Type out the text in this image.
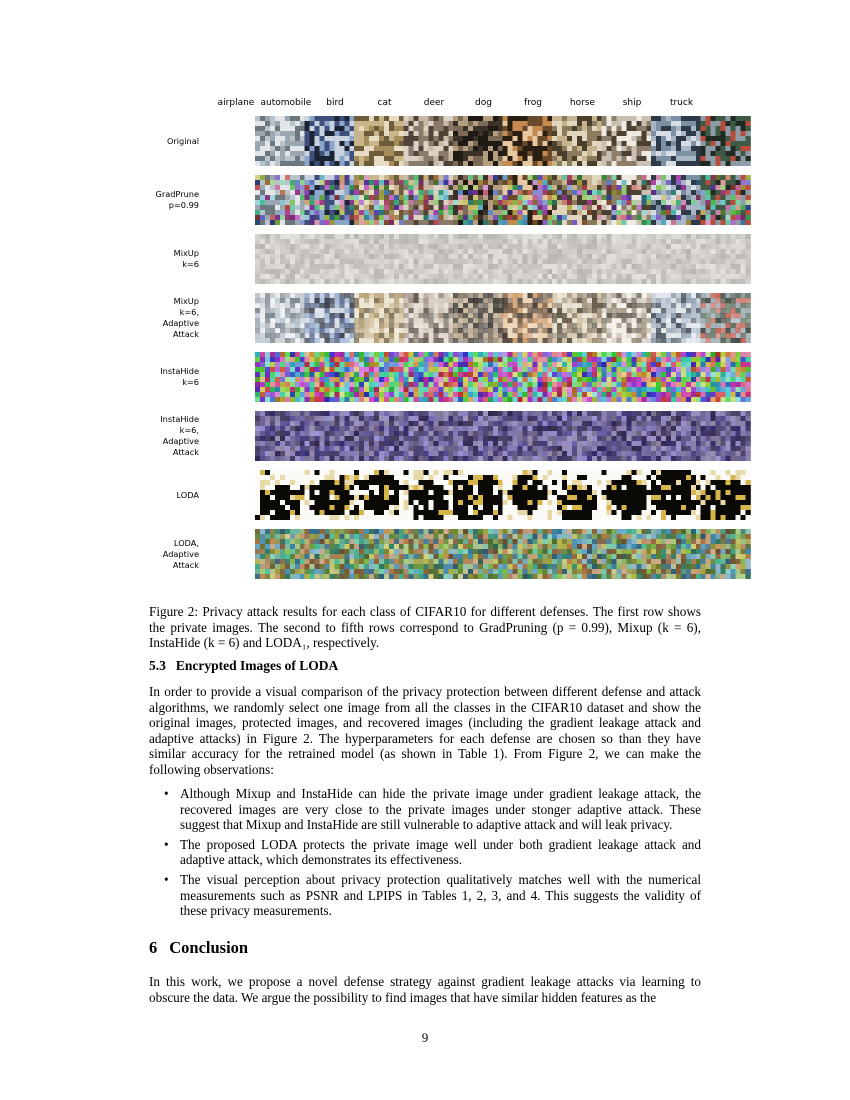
airplane automobile	bird	cat	deer	dog	frog	horse	ship	truck
Original
GradPrune
p=0.99
MixUp
k=6
MixUp
k=6,
Adaptive
Attack
InstaHide
k=6
InstaHide
k=6,
Adaptive
Attack
LODA
LODA,
Adaptive
Attack
Figure 2: Privacy attack results for each class of CIFAR10 for different defenses. The first row shows the private images. The second to fifth rows correspond to GradPruning (p = 0.99), Mixup (k = 6), InstaHide (k = 6) and LODA₁, respectively.
5.3 Encrypted Images of LODA
In order to provide a visual comparison of the privacy protection between different defense and attack algorithms, we randomly select one image from all the classes in the CIFAR10 dataset and show the original images, protected images, and recovered images (including the gradient leakage attack and adaptive attacks) in Figure 2. The hyperparameters for each defense are chosen so than they have similar accuracy for the retrained model (as shown in Table 1). From Figure 2, we can make the following observations:
• Although Mixup and InstaHide can hide the private image under gradient leakage attack, the recovered images are very close to the private images under stonger adaptive attack. These suggest that Mixup and InstaHide are still vulnerable to adaptive attack and will leak privacy.
• The proposed LODA protects the private image well under both gradient leakage attack and adaptive attack, which demonstrates its effectiveness.
• The visual perception about privacy protection qualitatively matches well with the numerical measurements such as PSNR and LPIPS in Tables 1, 2, 3, and 4. This suggests the validity of these privacy measurements.
6 Conclusion
In this work, we propose a novel defense strategy against gradient leakage attacks via learning to obscure the data. We argue the possibility to find images that have similar hidden features as the
9
